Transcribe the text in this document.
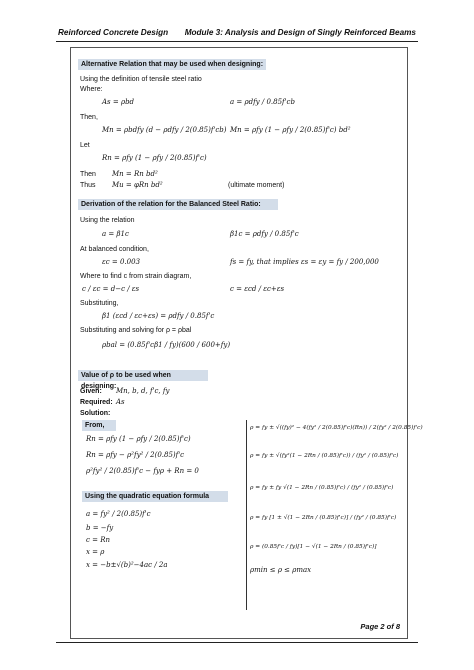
Reinforced Concrete Design Module 3: Analysis and Design of Singly Reinforced Beams
Alternative Relation that may be used when designing:
Using the definition of tensile steel ratio
Where:
As = ρbd	a = ρdfy / 0.85f'cb
Then,
Mn = ρbdfy (d − ρdfy / 2(0.85)f'cb) Mn = ρfy (1 − ρfy / 2(0.85)f'c) bd²
Let
Rn = ρfy (1 − ρfy / 2(0.85)f'c)
Then Mn = Rn bd²
Thus Mu = φRn bd²	(ultimate moment)
Derivation of the relation for the Balanced Steel Ratio:
Using the relation
a = β1c	β1c = ρdfy / 0.85f'c
At balanced condition,
εc = 0.003	fs = fy, that implies εs = εy = fy / 200,000
Where to find c from strain diagram,
c / εc = d−c / εs	c = εcd / εc+εs
Substituting,
β1 (εcd / εc+εs) = ρdfy / 0.85f'c
Substituting and solving for ρ = ρbal
ρbal = (0.85f'cβ1 / fy)(600 / 600+fy)
Value of ρ to be used when designing:
Given: Mn, b, d, f'c, fy
Required: As
Solution:
From,
Rn = ρfy (1 − ρfy / 2(0.85)f'c)
Rn = ρfy − ρ²fy² / 2(0.85)f'c
ρ²fy² / 2(0.85)f'c − fyρ + Rn = 0
Using the quadratic equation formula
a = fy² / 2(0.85)f'c
b = −fy
c = Rn
x = ρ
x = −b±√(b)²−4ac / 2a
ρ = fy ± √((fy)² − 4(fy² / 2(0.85)f'c)(Rn)) / 2(fy² / 2(0.85)f'c)
ρ = fy ± √(fy²(1 − 2Rn / (0.85)f'c)) / (fy² / (0.85)f'c)
ρ = fy ± fy √(1 − 2Rn / (0.85)f'c) / (fy² / (0.85)f'c)
ρ = fy [1 ± √(1 − 2Rn / (0.85)f'c)] / (fy² / (0.85)f'c)
ρ = (0.85f'c / fy)[1 − √(1 − 2Rn / (0.85)f'c)]
ρmin ≤ ρ ≤ ρmax
Page 2 of 8
